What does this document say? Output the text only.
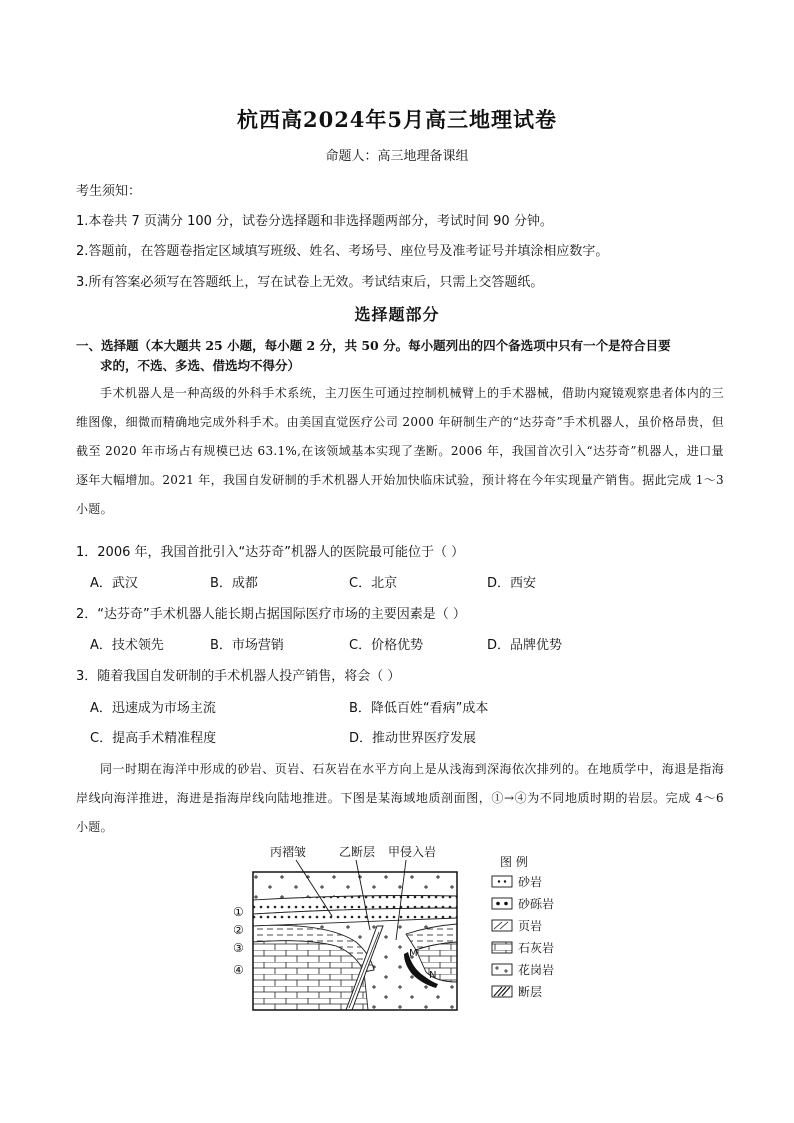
杭西高2024年5月高三地理试卷
命题人：高三地理备课组
考生须知：
1.本卷共 7 页满分 100 分，试卷分选择题和非选择题两部分，考试时间 90 分钟。
2.答题前，在答题卷指定区域填写班级、姓名、考场号、座位号及准考证号并填涂相应数字。
3.所有答案必须写在答题纸上，写在试卷上无效。考试结束后，只需上交答题纸。
选择题部分
一、选择题（本大题共 25 小题，每小题 2 分，共 50 分。每小题列出的四个备选项中只有一个是符合目要
求的，不选、多选、借选均不得分）
手术机器人是一种高级的外科手术系统，主刀医生可通过控制机械臂上的手术器械，借助内窥镜观察患者体内的三维图像，细微而精确地完成外科手术。由美国直觉医疗公司 2000 年研制生产的“达芬奇”手术机器人，虽价格昂贵，但截至 2020 年市场占有规模已达 63.1%,在该领域基本实现了垄断。2006 年，我国首次引入“达芬奇”机器人，进口量逐年大幅增加。2021 年，我国自发研制的手术机器人开始加快临床试验，预计将在今年实现量产销售。据此完成 1～3 小题。
1．2006 年，我国首批引入“达芬奇”机器人的医院最可能位于（ ）
A．武汉	B．成都	C．北京	D．西安
2．“达芬奇”手术机器人能长期占据国际医疗市场的主要因素是（ ）
A．技术领先	B．市场营销	C．价格优势	D．品牌优势
3．随着我国自发研制的手术机器人投产销售，将会（ ）
A．迅速成为市场主流	B．降低百姓“看病”成本
C．提高手术精准程度	D．推动世界医疗发展
同一时期在海洋中形成的砂岩、页岩、石灰岩在水平方向上是从浅海到深海依次排列的。在地质学中，海退是指海岸线向海洋推进，海进是指海岸线向陆地推进。下图是某海域地质剖面图，①→④为不同地质时期的岩层。完成 4～6 小题。
丙褶皱	乙断层 甲侵入岩
M
N
①
②
③
④
图 例
砂岩
砂砾岩
页岩
石灰岩
花岗岩
断层
